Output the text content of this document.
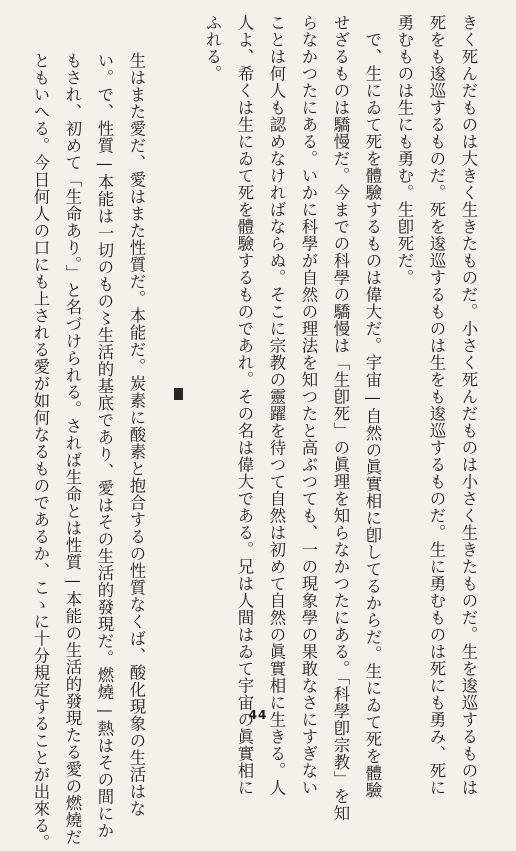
きく死んだものは大きく生きたものだ。小さく死んだものは小さく生きたものだ。生を逡巡するものは
死をも逡巡するものだ。死を逡巡するものは生をも逡巡するものだ。生に勇むものは死にも勇み、死に
勇むものは生にも勇む。生卽死だ。
　で、生にゐて死を體驗するものは偉大だ。宇宙—自然の眞實相に卽してるからだ。生にゐて死を體驗
せざるものは驕慢だ。今までの科學の驕慢は「生卽死」の眞理を知らなかつたにある。「科學卽宗教」を知
らなかつたにある。いかに科學が自然の理法を知つたと高ぶつても、一の現象學の果敢なさにすぎない
ことは何人も認めなければならぬ。そこに宗教の靈躍を待つて自然は初めて自然の眞實相に生きる。人
人よ、希くは生にゐて死を體驗するものであれ。その名は偉大である。兄は人間はゐて宇宙の眞實相に
ふれる。
生はまた愛だ、愛はまた性質だ。本能だ。炭素に酸素と抱合するの性質なくば、酸化現象の生活はな
い。で、性質—本能は一切のもの〻生活的基底であり、愛はその生活的發現だ。燃燒—熱はその間にか
もされ、初めて「生命あり。」と名づけられる。されば生命とは性質—本能の生活的發現たる愛の燃燒だ
ともいへる。今日何人の口にも上される愛が如何なるものであるか、こゝに十分規定することが出來る。	44
